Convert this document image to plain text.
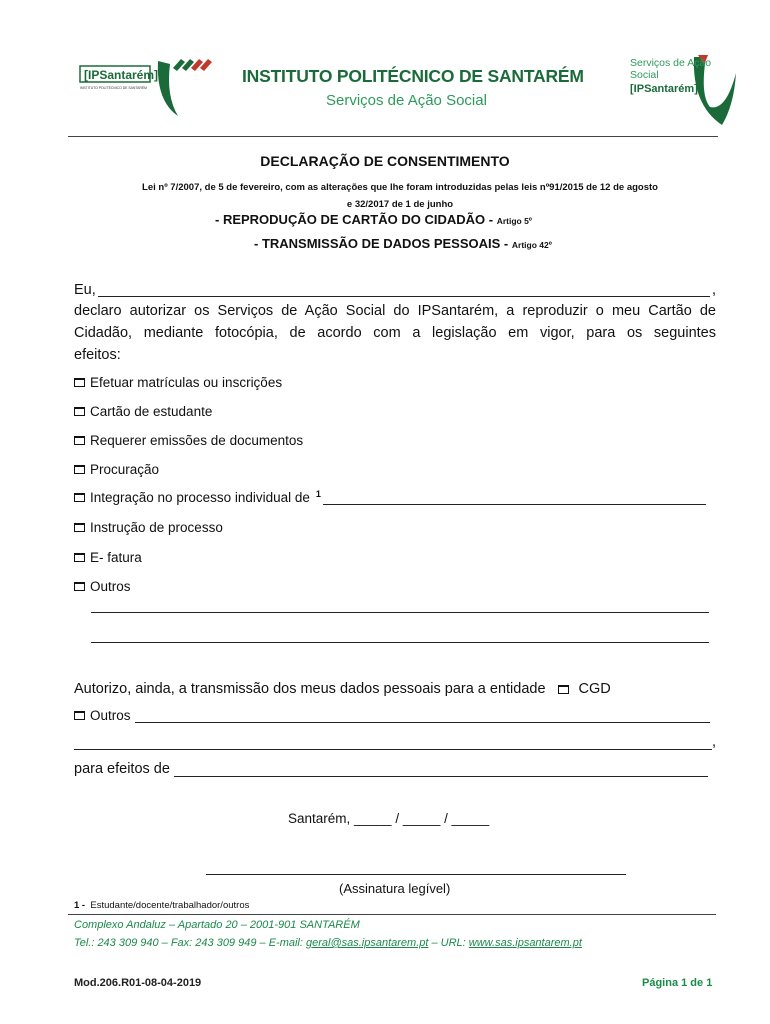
[IPSantarém]
INSTITUTO POLITÉCNICO DE SANTARÉM
INSTITUTO POLITÉCNICO DE SANTARÉM
Serviços de Ação Social
Serviços de Ação
Social
[IPSantarém]
DECLARAÇÃO DE CONSENTIMENTO
Lei nº 7/2007, de 5 de fevereiro, com as alterações que lhe foram introduzidas pelas leis nº91/2015 de 12 de agosto
e 32/2017 de 1 de junho
- REPRODUÇÃO DE CARTÃO DO CIDADÃO - Artigo 5º
- TRANSMISSÃO DE DADOS PESSOAIS - Artigo 42º
Eu,	,
declaro autorizar os Serviços de Ação Social do IPSantarém, a reproduzir o meu Cartão de
Cidadão, mediante fotocópia, de acordo com a legislação em vigor, para os seguintes
efeitos:
Efetuar matrículas ou inscrições
Cartão de estudante
Requerer emissões de documentos
Procuração
Integração no processo individual de $^1$
Instrução de processo
E- fatura
Outros
Autorizo, ainda, a transmissão dos meus dados pessoais para a entidade CGD
Outros
,
para efeitos de
Santarém, _____ / _____ / _____
(Assinatura legível)
1 - Estudante/docente/trabalhador/outros
Complexo Andaluz – Apartado 20 – 2001-901 SANTARÉM
Tel.: 243 309 940 – Fax: 243 309 949 – E-mail: geral@sas.ipsantarem.pt – URL: www.sas.ipsantarem.pt
Mod.206.R01-08-04-2019	Página 1 de 1
